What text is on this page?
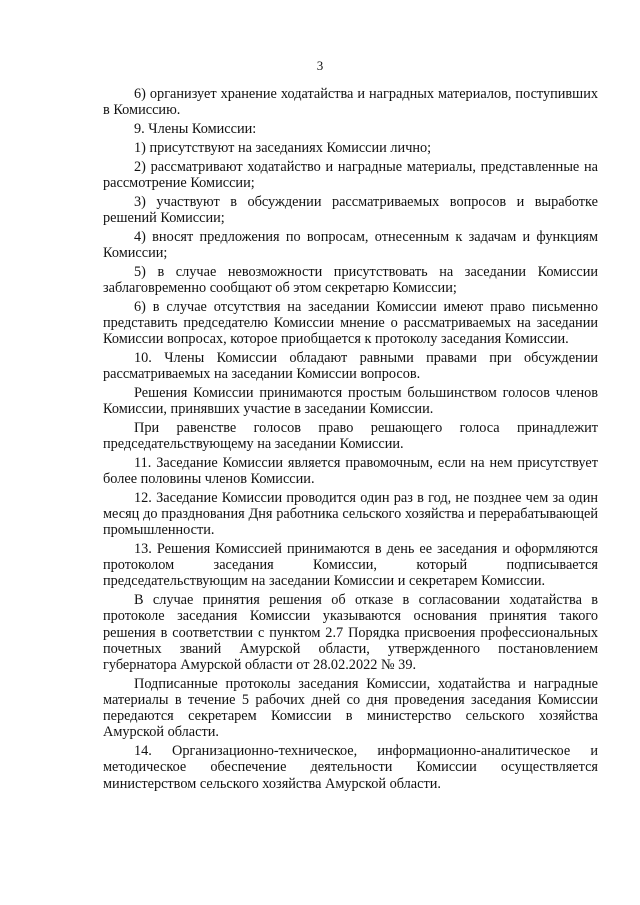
3

6) организует хранение ходатайства и наградных материалов, поступивших в Комиссию.

9. Члены Комиссии:

1) присутствуют на заседаниях Комиссии лично;

2) рассматривают ходатайство и наградные материалы, представленные на рассмотрение Комиссии;

3) участвуют в обсуждении рассматриваемых вопросов и выработке решений Комиссии;

4) вносят предложения по вопросам, отнесенным к задачам и функциям Комиссии;

5) в случае невозможности присутствовать на заседании Комиссии заблаговременно сообщают об этом секретарю Комиссии;

6) в случае отсутствия на заседании Комиссии имеют право письменно представить председателю Комиссии мнение о рассматриваемых на заседании Комиссии вопросах, которое приобщается к протоколу заседания Комиссии.

10. Члены Комиссии обладают равными правами при обсуждении рассматриваемых на заседании Комиссии вопросов.

Решения Комиссии принимаются простым большинством голосов членов Комиссии, принявших участие в заседании Комиссии.

При равенстве голосов право решающего голоса принадлежит председательствующему на заседании Комиссии.

11. Заседание Комиссии является правомочным, если на нем присутствует более половины членов Комиссии.

12. Заседание Комиссии проводится один раз в год, не позднее чем за один месяц до празднования Дня работника сельского хозяйства и перерабатывающей промышленности.

13. Решения Комиссией принимаются в день ее заседания и оформляются протоколом заседания Комиссии, который подписывается председательствующим на заседании Комиссии и секретарем Комиссии.

В случае принятия решения об отказе в согласовании ходатайства в протоколе заседания Комиссии указываются основания принятия такого решения в соответствии с пунктом 2.7 Порядка присвоения профессиональных почетных званий Амурской области, утвержденного постановлением губернатора Амурской области от 28.02.2022 № 39.

Подписанные протоколы заседания Комиссии, ходатайства и наградные материалы в течение 5 рабочих дней со дня проведения заседания Комиссии передаются секретарем Комиссии в министерство сельского хозяйства Амурской области.

14. Организационно-техническое, информационно-аналитическое и методическое обеспечение деятельности Комиссии осуществляется министерством сельского хозяйства Амурской области.
